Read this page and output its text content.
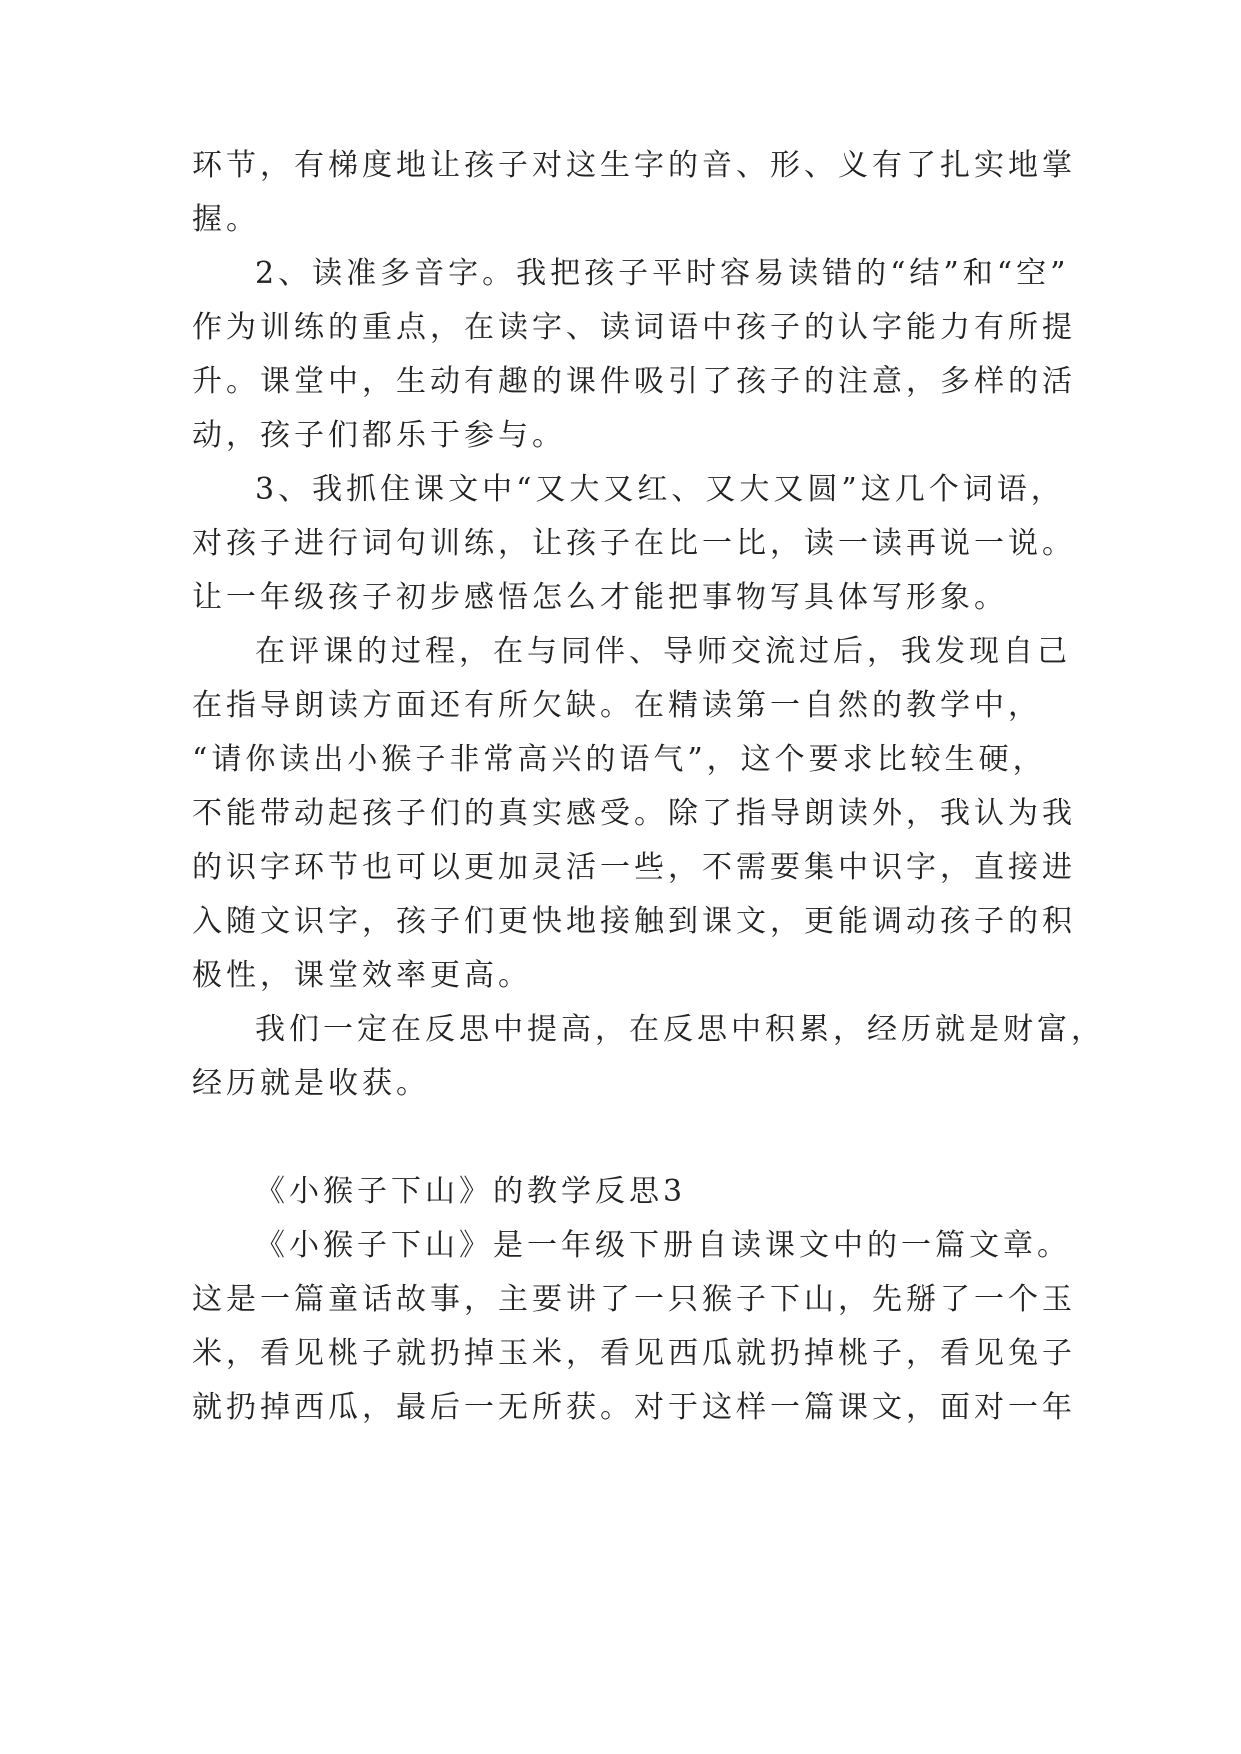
环节，有梯度地让孩子对这生字的音、形、义有了扎实地掌
握。
2、读准多音字。我把孩子平时容易读错的“结”和“空”
作为训练的重点，在读字、读词语中孩子的认字能力有所提
升。课堂中，生动有趣的课件吸引了孩子的注意，多样的活
动，孩子们都乐于参与。
3、我抓住课文中“又大又红、又大又圆”这几个词语，
对孩子进行词句训练，让孩子在比一比，读一读再说一说。
让一年级孩子初步感悟怎么才能把事物写具体写形象。
在评课的过程，在与同伴、导师交流过后，我发现自己
在指导朗读方面还有所欠缺。在精读第一自然的教学中，
“请你读出小猴子非常高兴的语气”，这个要求比较生硬，
不能带动起孩子们的真实感受。除了指导朗读外，我认为我
的识字环节也可以更加灵活一些，不需要集中识字，直接进
入随文识字，孩子们更快地接触到课文，更能调动孩子的积
极性，课堂效率更高。
我们一定在反思中提高，在反思中积累，经历就是财富，
经历就是收获。
《小猴子下山》的教学反思3
《小猴子下山》是一年级下册自读课文中的一篇文章。
这是一篇童话故事，主要讲了一只猴子下山，先掰了一个玉
米，看见桃子就扔掉玉米，看见西瓜就扔掉桃子，看见兔子
就扔掉西瓜，最后一无所获。对于这样一篇课文，面对一年
